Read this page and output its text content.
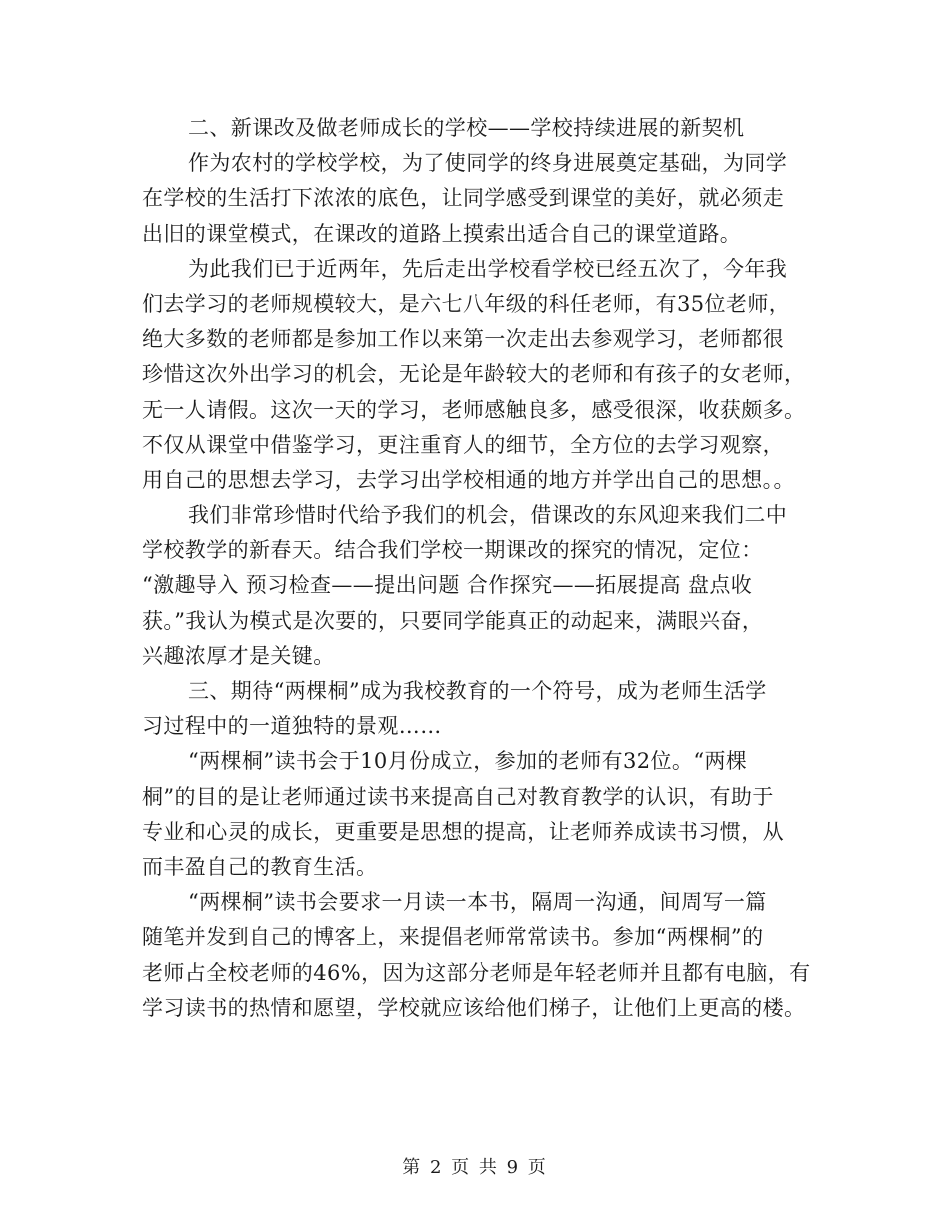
二、新课改及做老师成长的学校——学校持续进展的新契机
作为农村的学校学校，为了使同学的终身进展奠定基础，为同学
在学校的生活打下浓浓的底色，让同学感受到课堂的美好，就必须走
出旧的课堂模式，在课改的道路上摸索出适合自己的课堂道路。
为此我们已于近两年，先后走出学校看学校已经五次了，今年我
们去学习的老师规模较大，是六七八年级的科任老师，有35位老师，
绝大多数的老师都是参加工作以来第一次走出去参观学习，老师都很
珍惜这次外出学习的机会，无论是年龄较大的老师和有孩子的女老师，
无一人请假。这次一天的学习，老师感触良多，感受很深，收获颇多。
不仅从课堂中借鉴学习，更注重育人的细节，全方位的去学习观察，
用自己的思想去学习，去学习出学校相通的地方并学出自己的思想。。
我们非常珍惜时代给予我们的机会，借课改的东风迎来我们二中
学校教学的新春天。结合我们学校一期课改的探究的情况，定位：
“激趣导入 预习检查——提出问题 合作探究——拓展提高 盘点收
获。”我认为模式是次要的，只要同学能真正的动起来，满眼兴奋，
兴趣浓厚才是关键。
三、期待“两棵桐”成为我校教育的一个符号，成为老师生活学
习过程中的一道独特的景观……
“两棵桐”读书会于10月份成立，参加的老师有32位。“两棵
桐”的目的是让老师通过读书来提高自己对教育教学的认识，有助于
专业和心灵的成长，更重要是思想的提高，让老师养成读书习惯，从
而丰盈自己的教育生活。
“两棵桐”读书会要求一月读一本书，隔周一沟通，间周写一篇
随笔并发到自己的博客上，来提倡老师常常读书。参加“两棵桐”的
老师占全校老师的46%，因为这部分老师是年轻老师并且都有电脑，有
学习读书的热情和愿望，学校就应该给他们梯子，让他们上更高的楼。
第 2 页 共 9 页
